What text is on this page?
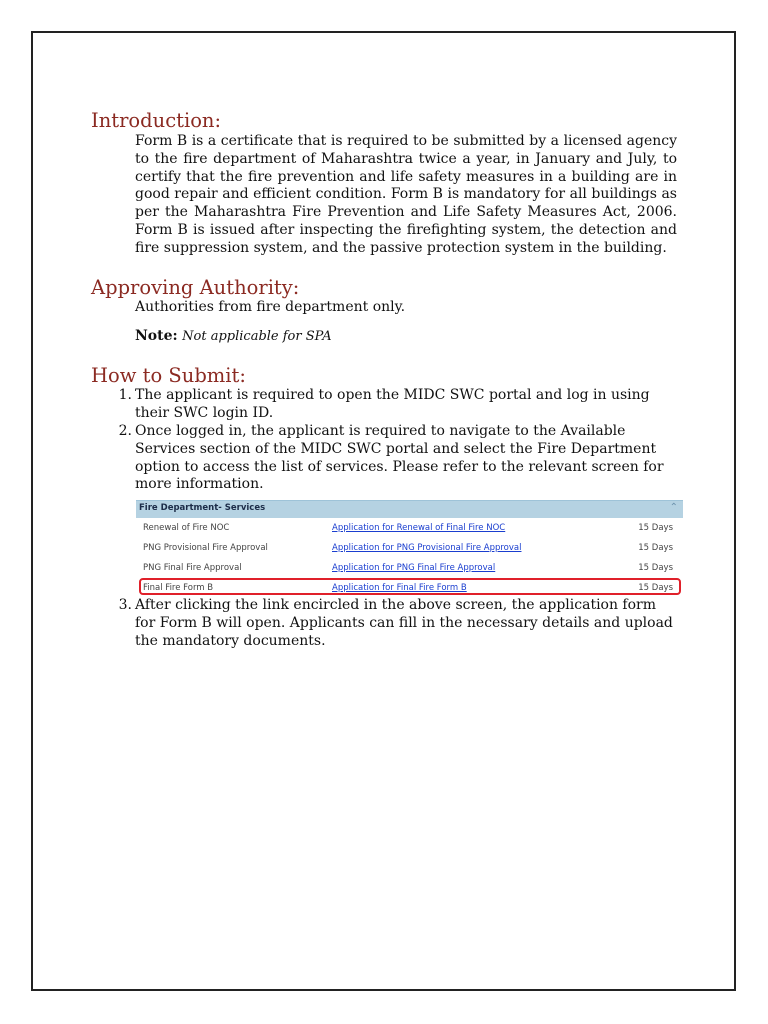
Introduction:

Form B is a certificate that is required to be submitted by a licensed agency to the fire department of Maharashtra twice a year, in January and July, to certify that the fire prevention and life safety measures in a building are in good repair and efficient condition. Form B is mandatory for all buildings as per the Maharashtra Fire Prevention and Life Safety Measures Act, 2006. Form B is issued after inspecting the firefighting system, the detection and fire suppression system, and the passive protection system in the building.

Approving Authority:

Authorities from fire department only.

Note: Not applicable for SPA

How to Submit:
1. The applicant is required to open the MIDC SWC portal and log in using their SWC login ID.
2. Once logged in, the applicant is required to navigate to the Available Services section of the MIDC SWC portal and select the Fire Department option to access the list of services. Please refer to the relevant screen for more information.
Fire Department- Services	⌃
Renewal of Fire NOC	Application for Renewal of Final Fire NOC	15 Days
PNG Provisional Fire Approval	Application for PNG Provisional Fire Approval	15 Days
PNG Final Fire Approval	Application for PNG Final Fire Approval	15 Days
Final Fire Form B	Application for Final Fire Form B	15 Days
3. After clicking the link encircled in the above screen, the application form for Form B will open. Applicants can fill in the necessary details and upload the mandatory documents.
